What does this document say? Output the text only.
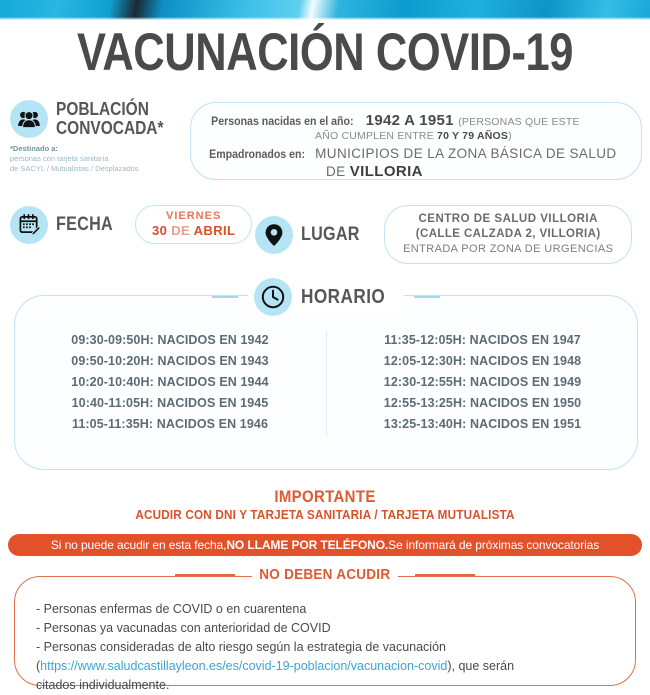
VACUNACIÓN COVID-19
POBLACIÓN
CONVOCADA*
*Destinado a:
personas con tarjeta sanitaria
de SACYL / Mutualistas / Desplazados
Personas nacidas en el año: 1942 A 1951 (PERSONAS QUE ESTE
AÑO CUMPLEN ENTRE 70 Y 79 AÑOS)
Empadronados en: MUNICIPIOS DE LA ZONA BÁSICA DE SALUD
DE VILLORIA
FECHA	VIERNES
30 DE ABRIL	LUGAR
CENTRO DE SALUD VILLORIA
(CALLE CALZADA 2, VILLORIA)
ENTRADA POR ZONA DE URGENCIAS
HORARIO
09:30-09:50H: NACIDOS EN 1942
09:50-10:20H: NACIDOS EN 1943
10:20-10:40H: NACIDOS EN 1944
10:40-11:05H: NACIDOS EN 1945
11:05-11:35H: NACIDOS EN 1946
11:35-12:05H: NACIDOS EN 1947
12:05-12:30H: NACIDOS EN 1948
12:30-12:55H: NACIDOS EN 1949
12:55-13:25H: NACIDOS EN 1950
13:25-13:40H: NACIDOS EN 1951
IMPORTANTE
ACUDIR CON DNI Y TARJETA SANITARIA / TARJETA MUTUALISTA
Si no puede acudir en esta fecha, NO LLAME POR TELÉFONO. Se informará de próximas convocatorias
NO DEBEN ACUDIR
- Personas enfermas de COVID o en cuarentena
- Personas ya vacunadas con anterioridad de COVID
- Personas consideradas de alto riesgo según la estrategia de vacunación
(https://www.saludcastillayleon.es/es/covid-19-poblacion/vacunacion-covid), que serán
citados individualmente.
